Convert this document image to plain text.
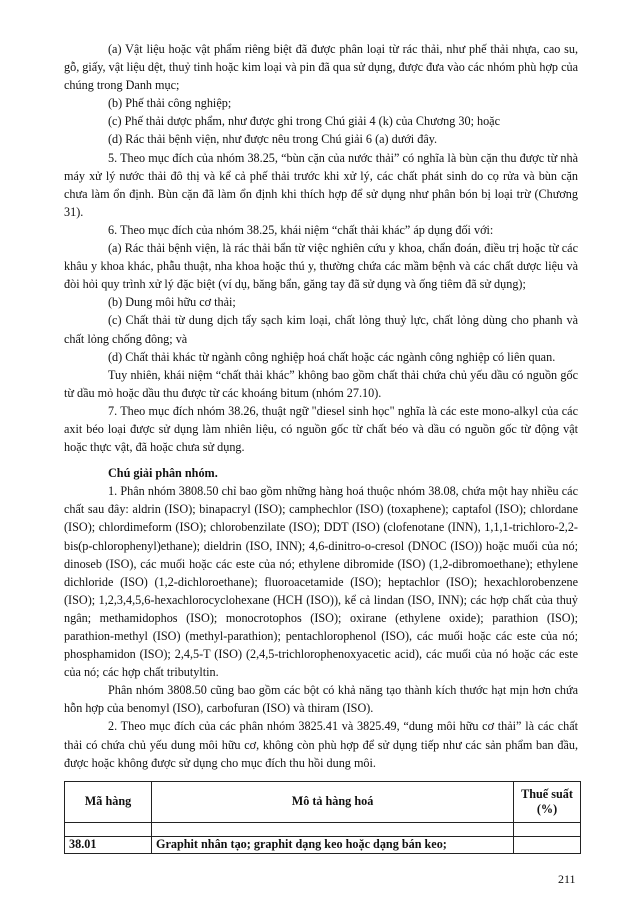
(a) Vật liệu hoặc vật phẩm riêng biệt đã được phân loại từ rác thải, như phế thải nhựa, cao su, gỗ, giấy, vật liệu dệt, thuỷ tinh hoặc kim loại và pin đã qua sử dụng, được đưa vào các nhóm phù hợp của chúng trong Danh mục;

(b) Phế thải công nghiệp;

(c) Phế thải dược phẩm, như được ghi trong Chú giải 4 (k) của Chương 30; hoặc

(d) Rác thải bệnh viện, như được nêu trong Chú giải 6 (a) dưới đây.

5. Theo mục đích của nhóm 38.25, “bùn cặn của nước thải” có nghĩa là bùn cặn thu được từ nhà máy xử lý nước thải đô thị và kể cả phế thải trước khi xử lý, các chất phát sinh do cọ rửa và bùn cặn chưa làm ổn định. Bùn cặn đã làm ổn định khi thích hợp để sử dụng như phân bón bị loại trừ (Chương 31).

6. Theo mục đích của nhóm 38.25, khái niệm “chất thải khác” áp dụng đối với:

(a) Rác thải bệnh viện, là rác thải bẩn từ việc nghiên cứu y khoa, chẩn đoán, điều trị hoặc từ các khâu y khoa khác, phẫu thuật, nha khoa hoặc thú y, thường chứa các mầm bệnh và các chất dược liệu và đòi hỏi quy trình xử lý đặc biệt (ví dụ, băng bẩn, găng tay đã sử dụng và ống tiêm đã sử dụng);

(b) Dung môi hữu cơ thải;

(c) Chất thải từ dung dịch tẩy sạch kim loại, chất lỏng thuỷ lực, chất lỏng dùng cho phanh và chất lỏng chống đông; và

(d) Chất thải khác từ ngành công nghiệp hoá chất hoặc các ngành công nghiệp có liên quan.

Tuy nhiên, khái niệm “chất thải khác” không bao gồm chất thải chứa chủ yếu dầu có nguồn gốc từ dầu mỏ hoặc dầu thu được từ các khoáng bitum (nhóm 27.10).

7. Theo mục đích nhóm 38.26, thuật ngữ "diesel sinh học" nghĩa là các este mono-alkyl của các axit béo loại được sử dụng làm nhiên liệu, có nguồn gốc từ chất béo và dầu có nguồn gốc từ động vật hoặc thực vật, đã hoặc chưa sử dụng.

Chú giải phân nhóm.

1. Phân nhóm 3808.50 chỉ bao gồm những hàng hoá thuộc nhóm 38.08, chứa một hay nhiều các chất sau đây: aldrin (ISO); binapacryl (ISO); camphechlor (ISO) (toxaphene); captafol (ISO); chlordane (ISO); chlordimeform (ISO); chlorobenzilate (ISO); DDT (ISO) (clofenotane (INN), 1,1,1-trichloro-2,2-bis(p-chlorophenyl)ethane); dieldrin (ISO, INN); 4,6-dinitro-o-cresol (DNOC (ISO)) hoặc muối của nó; dinoseb (ISO), các muối hoặc các este của nó; ethylene dibromide (ISO) (1,2-dibromoethane); ethylene dichloride (ISO) (1,2-dichloroethane); fluoroacetamide (ISO); heptachlor (ISO); hexachlorobenzene (ISO); 1,2,3,4,5,6-hexachlorocyclohexane (HCH (ISO)), kể cả lindan (ISO, INN); các hợp chất của thuỷ ngân; methamidophos (ISO); monocrotophos (ISO); oxirane (ethylene oxide); parathion (ISO); parathion-methyl (ISO) (methyl-parathion); pentachlorophenol (ISO), các muối hoặc các este của nó; phosphamidon (ISO); 2,4,5-T (ISO) (2,4,5-trichlorophenoxyacetic acid), các muối của nó hoặc các este của nó; các hợp chất tributyltin.

Phân nhóm 3808.50 cũng bao gồm các bột có khả năng tạo thành kích thước hạt mịn hơn chứa hỗn hợp của benomyl (ISO), carbofuran (ISO) và thiram (ISO).

2. Theo mục đích của các phân nhóm 3825.41 và 3825.49, “dung môi hữu cơ thải” là các chất thải có chứa chủ yếu dung môi hữu cơ, không còn phù hợp để sử dụng tiếp như các sản phẩm ban đầu, được hoặc không được sử dụng cho mục đích thu hồi dung môi.

Mã hàng	Mô tả hàng hoá	Thuế suất (%)

38.01	Graphit nhân tạo; graphit dạng keo hoặc dạng bán keo;	
211
